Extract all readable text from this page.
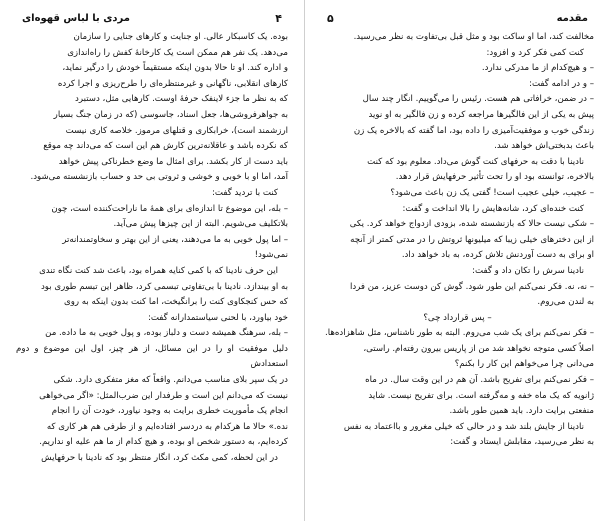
۴
مردی با لباس قهوه‌ای

بوده. یک کاسبکار عالی. او جنایت و کارهای جنایی را سازمان

می‌دهد. یک نفر هم ممکن است یک کارخانهٔ کفش را راه‌اندازی

و اداره کند. او تا حالا بدون اینکه مستقیماً خودش را درگیر نماید،

کارهای انقلابی، ناگهانی و غیرمنتظره‌ای را طرح‌ریزی و اجرا کرده

که به نظر ما جزء لاینفک حرفهٔ اوست. کارهایی مثل، دستبرد

به جواهرفروشی‌ها، جعل اسناد، جاسوسی (که در زمان جنگ بسیار

ارزشمند است)، خرابکاری و قتلهای مرموز. خلاصه کاری نیست

که نکرده باشد و عاقلانه‌ترین کارش هم این است که می‌داند چه موقع

باید دست از کار بکشد. برای امثال ما وضع خطرناکی پیش خواهد

آمد، اما او با خوبی و خوشی و ثروتی بی حد و حساب بازنشسته می‌شود.

کنت با تردید گفت:

– بله، این موضوع تا اندازه‌ای برای همهٔ ما ناراحت‌کننده است، چون

بلاتکلیف می‌شویم. البته از این چیزها پیش می‌آید.

– اما پول خوبی به ما می‌دهند، یعنی از این بهتر و سخاوتمندانه‌تر

نمی‌شود!

این حرف نادینا که با کمی کنایه همراه بود، باعث شد کنت نگاه تندی

به او بیندازد. نادینا با بی‌تفاوتی تبسمی کرد، ظاهر این تبسم طوری بود

که حس کنجکاوی کنت را برانگیخت، اما کنت بدون اینکه به روی

خود بیاورد، با لحنی سیاستمدارانه گفت:

– بله، سرهنگ همیشه دست و دلباز بوده، و پول خوبی به ما داده. من

دلیل موفقیت او را در این مسائل، از هر چیز، اول این موضوع و دوم استعدادش

در یک سپر بلای مناسب می‌دانم. واقعاً که مغز متفکری دارد. شکی

نیست که می‌دانم این است و طرفدار این ضرب‌المثل: «اگر می‌خواهی

انجام یک مأموریت خطری برایت به وجود نیاورد، خودت آن را انجام

نده.» حالا ما هرکدام به دردسر افتاده‌ایم و از طرفی هم هر کاری که

کرده‌ایم، به دستور شخص او بوده، و هیچ کدام از ما هم علیه او نداریم.

در این لحظه، کمی مکث کرد، انگار منتظر بود که نادینا با حرفهایش

مقدمه
۵

مخالفت کند، اما او ساکت بود و مثل قبل بی‌تفاوت به نظر می‌رسید.

کنت کمی فکر کرد و افزود:

– و هیچ‌کدام از ما مدرکی ندارد.

– و در ادامه گفت:

– در ضمن، خرافاتی هم هست. رئیس را می‌گوییم. انگار چند سال

پیش به یکی از این فالگیرها مراجعه کرده و زن فالگیر به او نوید

زندگی خوب و موفقیت‌آمیزی را داده بود، اما گفته که بالاخره یک زن

باعث بدبختی‌اش خواهد شد.

نادینا با دقت به حرفهای کنت گوش می‌داد. معلوم بود که کنت

بالاخره، توانسته بود او را تحت تأثیر حرفهایش قرار دهد.

– عجیب، خیلی عجیب است! گفتی یک زن باعث می‌شود؟

کنت خنده‌ای کرد، شانه‌هایش را بالا انداخت و گفت:

– شکی نیست حالا که بازنشسته شده، بزودی ازدواج خواهد کرد. یکی

از این دخترهای خیلی زیبا که میلیونها ثروتش را در مدتی کمتر از آنچه

او برای به دست آوردنش تلاش کرده، به باد خواهد داد.

نادینا سرش را تکان داد و گفت:

– نه، نه. فکر نمی‌کنم این طور شود. گوش کن دوست عزیز، من فردا

به لندن می‌روم.

– پس قرارداد چی؟

– فکر نمی‌کنم برای یک شب می‌روم. البته به طور ناشناس، مثل شاهزاده‌ها.

اصلاً کسی متوجه نخواهد شد من از پاریس بیرون رفته‌ام. راستی،

می‌دانی چرا می‌خواهم این کار را بکنم؟

– فکر نمی‌کنم برای تفریح باشد. آن هم در این وقت سال. در ماه

ژانویه که یک ماه خفه و مه‌گرفته است. برای تفریح نیست. شاید

منفعتی برایت دارد. باید همین طور باشد.

نادینا از جایش بلند شد و در حالی که خیلی مغرور و بااعتماد به نفس

به نظر می‌رسید، مقابلش ایستاد و گفت:
